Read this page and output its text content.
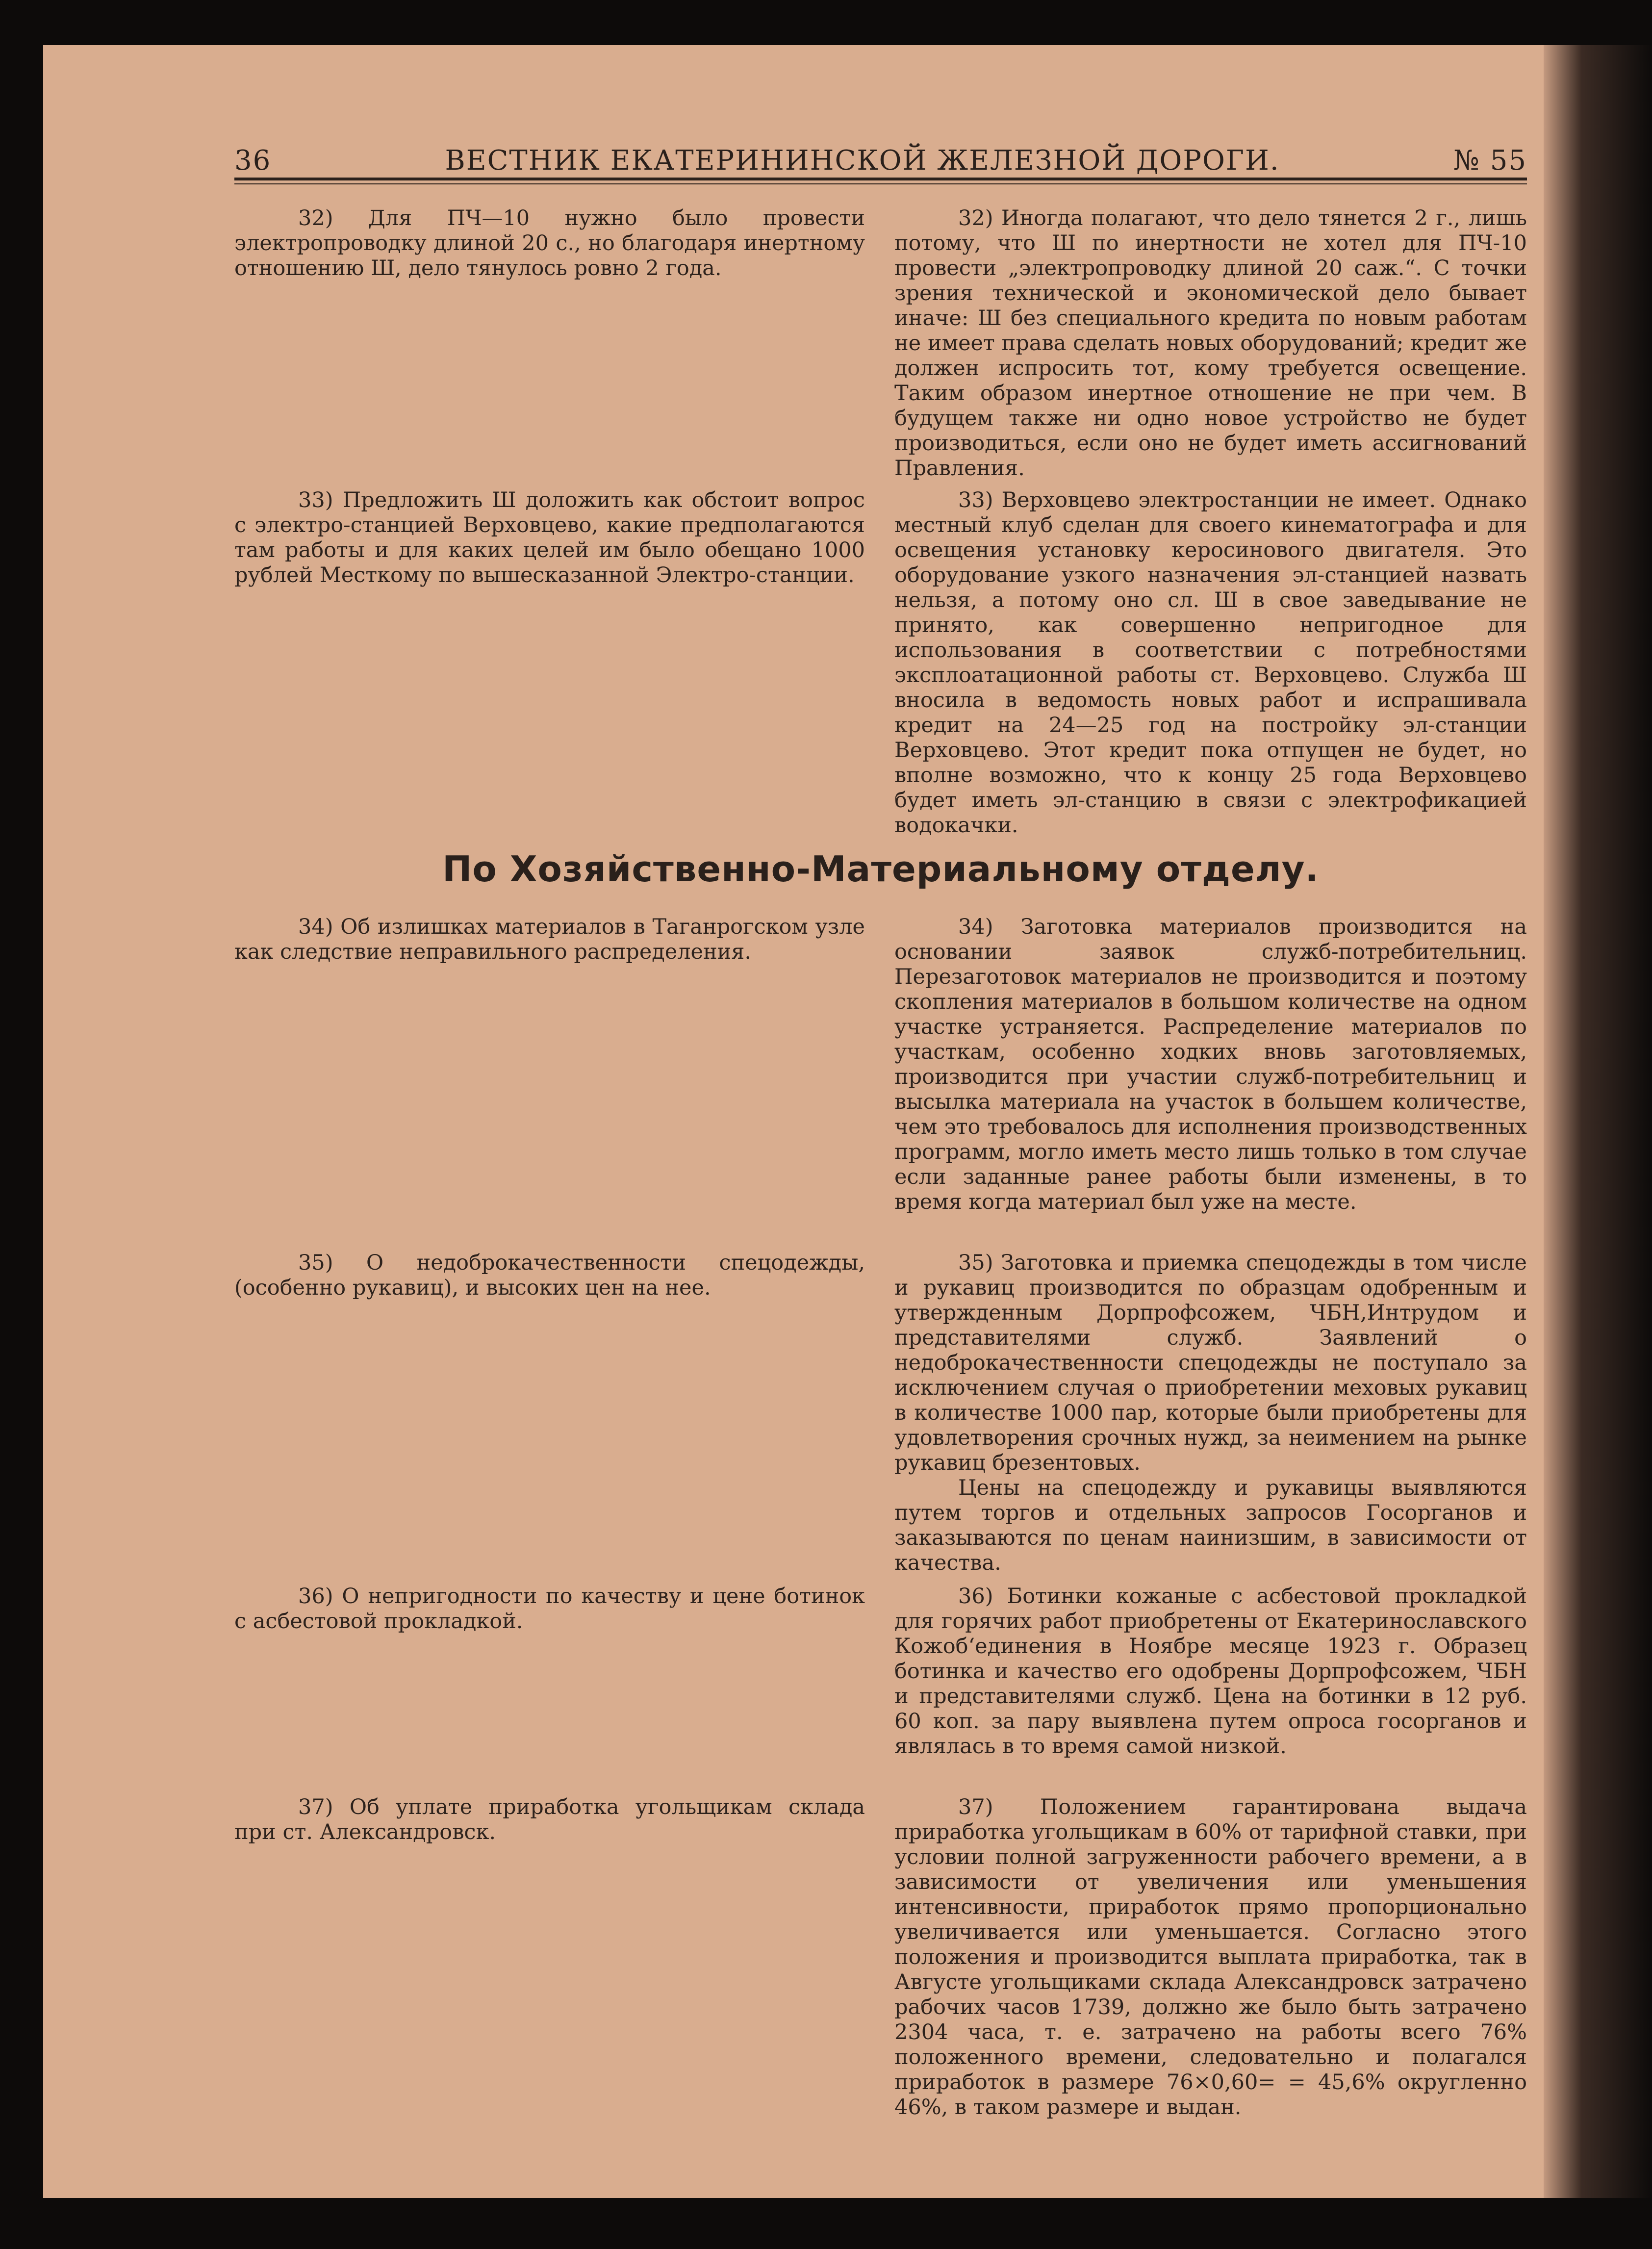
36	ВЕСТНИК ЕКАТЕРИНИНСКОЙ ЖЕЛЕЗНОЙ ДОРОГИ.	№ 55

32) Для ПЧ—10 нужно было провести электропроводку длиной 20 с., но благодаря инертному отношению Ш, дело тянулось ровно 2 года.

32) Иногда полагают, что дело тянется 2 г., лишь потому, что Ш по инертности не хотел для ПЧ-10 провести „электропроводку длиной 20 саж.“. С точки зрения технической и экономической дело бывает иначе: Ш без специального кредита по новым работам не имеет права сделать новых оборудований; кредит же должен испросить тот, кому требуется освещение. Таким образом инертное отношение не при чем. В будущем также ни одно новое устройство не будет производиться, если оно не будет иметь ассигнований Правления.

33) Предложить Ш доложить как обстоит вопрос с электро-станцией Верховцево, какие предполагаются там работы и для каких целей им было обещано 1000 рублей Месткому по вышесказанной Электро-станции.

33) Верховцево электростанции не имеет. Однако местный клуб сделан для своего кинематографа и для освещения установку керосинового двигателя. Это оборудование узкого назначения эл-станцией назвать нельзя, а потому оно сл. Ш в свое заведывание не принято, как совершенно непригодное для использования в соответствии с потребностями эксплоатационной работы ст. Верховцево. Служба Ш вносила в ведомость новых работ и испрашивала кредит на 24—25 год на постройку эл-станции Верховцево. Этот кредит пока отпущен не будет, но вполне возможно, что к концу 25 года Верховцево будет иметь эл-станцию в связи с электрофикацией водокачки.

По Хозяйственно-Материальному отделу.

34) Об излишках материалов в Таганрогском узле как следствие неправильного распределения.

34) Заготовка материалов производится на основании заявок служб-потребительниц. Перезаготовок материалов не производится и поэтому скопления материалов в большом количестве на одном участке устраняется. Распределение материалов по участкам, особенно ходких вновь заготовляемых, производится при участии служб-потребительниц и высылка материала на участок в большем количестве, чем это требовалось для исполнения производственных программ, могло иметь место лишь только в том случае если заданные ранее работы были изменены, в то время когда материал был уже на месте.

35) О недоброкачественности спецодежды, (особенно рукавиц), и высоких цен на нее.

35) Заготовка и приемка спецодежды в том числе и рукавиц производится по образцам одобренным и утвержденным Дорпрофсожем, ЧБН,Интрудом и представителями служб. Заявлений о недоброкачественности спецодежды не поступало за исключением случая о приобретении меховых рукавиц в количестве 1000 пар, которые были приобретены для удовлетворения срочных нужд, за неимением на рынке рукавиц брезентовых.

Цены на спецодежду и рукавицы выявляются путем торгов и отдельных запросов Госорганов и заказываются по ценам наинизшим, в зависимости от качества.

36) О непригодности по качеству и цене ботинок с асбестовой прокладкой.

36) Ботинки кожаные с асбестовой прокладкой для горячих работ приобретены от Екатеринославского Кожоб‘единения в Ноябре месяце 1923 г. Образец ботинка и качество его одобрены Дорпрофсожем, ЧБН и представителями служб. Цена на ботинки в 12 руб. 60 коп. за пару выявлена путем опроса госорганов и являлась в то время самой низкой.

37) Об уплате приработка угольщикам склада при ст. Александровск.

37) Положением гарантирована выдача приработка угольщикам в 60% от тарифной ставки, при условии полной загруженности рабочего времени, а в зависимости от увеличения или уменьшения интенсивности, приработок прямо пропорционально увеличивается или уменьшается. Согласно этого положения и производится выплата приработка, так в Августе угольщиками склада Александровск затрачено рабочих часов 1739, должно же было быть затрачено 2304 часа, т. е. затрачено на работы всего 76% положенного времени, следовательно и полагался приработок в размере 76×0,60= = 45,6% округленно 46%, в таком размере и выдан.
